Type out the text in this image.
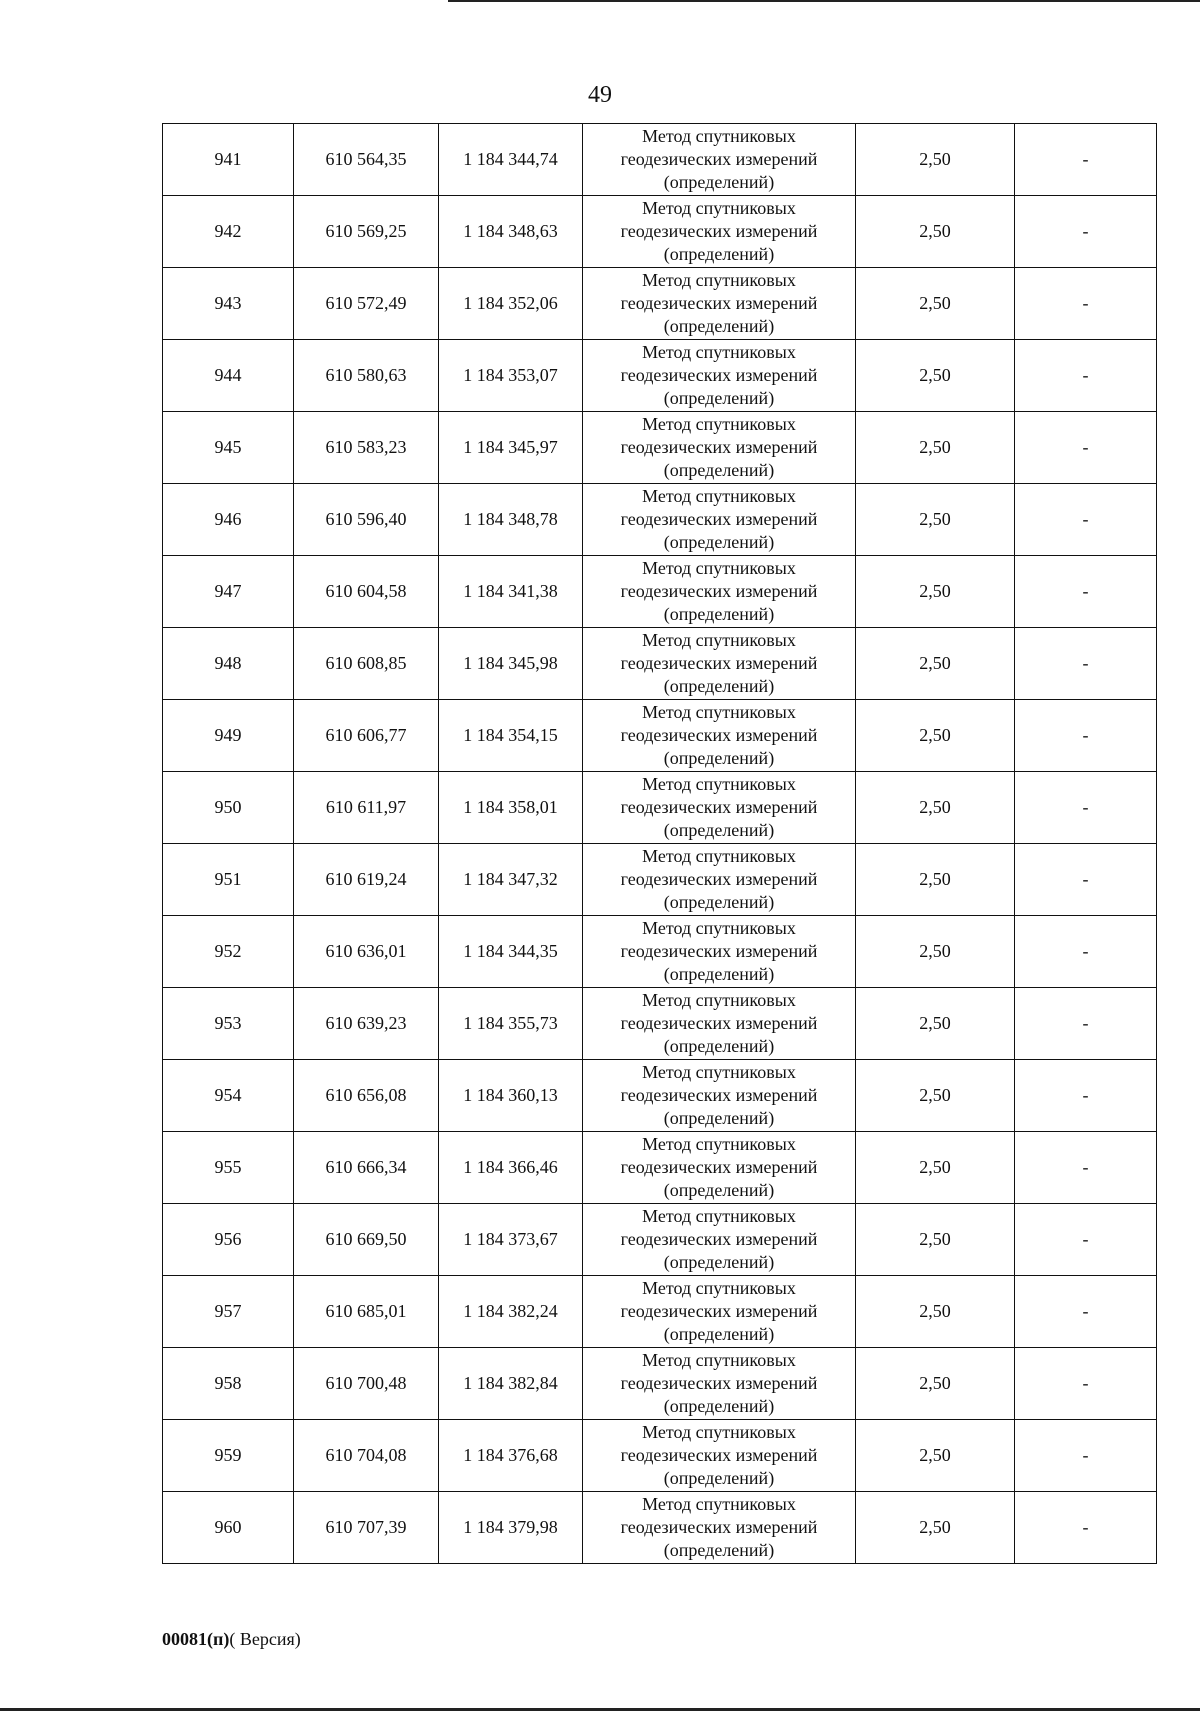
49
941	610 564,35	1 184 344,74	Метод спутниковых
геодезических измерений
(определений)	2,50	-
942	610 569,25	1 184 348,63	Метод спутниковых
геодезических измерений
(определений)	2,50	-
943	610 572,49	1 184 352,06	Метод спутниковых
геодезических измерений
(определений)	2,50	-
944	610 580,63	1 184 353,07	Метод спутниковых
геодезических измерений
(определений)	2,50	-
945	610 583,23	1 184 345,97	Метод спутниковых
геодезических измерений
(определений)	2,50	-
946	610 596,40	1 184 348,78	Метод спутниковых
геодезических измерений
(определений)	2,50	-
947	610 604,58	1 184 341,38	Метод спутниковых
геодезических измерений
(определений)	2,50	-
948	610 608,85	1 184 345,98	Метод спутниковых
геодезических измерений
(определений)	2,50	-
949	610 606,77	1 184 354,15	Метод спутниковых
геодезических измерений
(определений)	2,50	-
950	610 611,97	1 184 358,01	Метод спутниковых
геодезических измерений
(определений)	2,50	-
951	610 619,24	1 184 347,32	Метод спутниковых
геодезических измерений
(определений)	2,50	-
952	610 636,01	1 184 344,35	Метод спутниковых
геодезических измерений
(определений)	2,50	-
953	610 639,23	1 184 355,73	Метод спутниковых
геодезических измерений
(определений)	2,50	-
954	610 656,08	1 184 360,13	Метод спутниковых
геодезических измерений
(определений)	2,50	-
955	610 666,34	1 184 366,46	Метод спутниковых
геодезических измерений
(определений)	2,50	-
956	610 669,50	1 184 373,67	Метод спутниковых
геодезических измерений
(определений)	2,50	-
957	610 685,01	1 184 382,24	Метод спутниковых
геодезических измерений
(определений)	2,50	-
958	610 700,48	1 184 382,84	Метод спутниковых
геодезических измерений
(определений)	2,50	-
959	610 704,08	1 184 376,68	Метод спутниковых
геодезических измерений
(определений)	2,50	-
960	610 707,39	1 184 379,98	Метод спутниковых
геодезических измерений
(определений)	2,50	-
00081(п)( Версия)
